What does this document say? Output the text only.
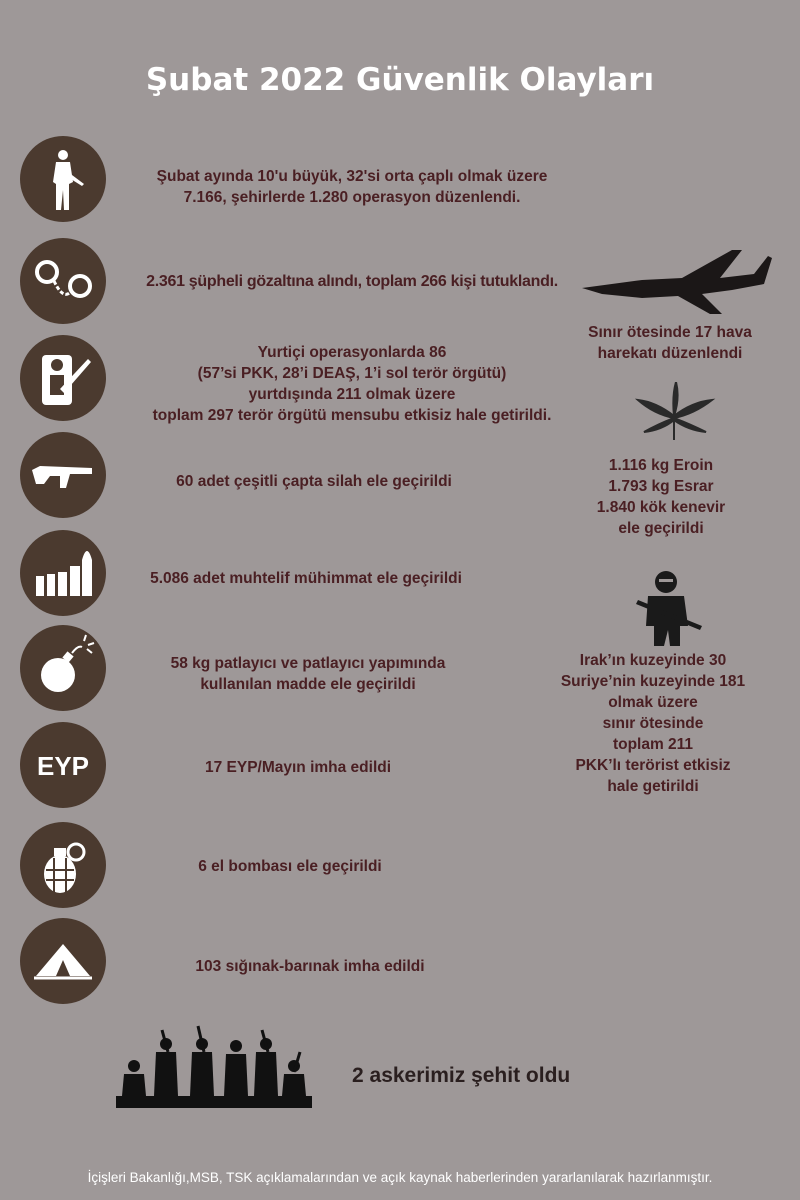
Şubat 2022 Güvenlik Olayları
Şubat ayında 10'u büyük, 32'si orta çaplı olmak üzere
7.166, şehirlerde 1.280 operasyon düzenlendi.
2.361 şüpheli gözaltına alındı, toplam 266 kişi tutuklandı.
Yurtiçi operasyonlarda 86
(57’si PKK, 28’i DEAŞ, 1’i sol terör örgütü)
yurtdışında 211 olmak üzere
toplam 297 terör örgütü mensubu etkisiz hale getirildi.
60 adet çeşitli çapta silah ele geçirildi
5.086 adet muhtelif mühimmat ele geçirildi
58 kg patlayıcı ve patlayıcı yapımında
kullanılan madde ele geçirildi
EYP	17 EYP/Mayın imha edildi
6 el bombası ele geçirildi
103 sığınak-barınak imha edildi
Sınır ötesinde 17 hava
harekatı düzenlendi
1.116 kg Eroin
1.793 kg Esrar
1.840 kök kenevir
ele geçirildi
Irak’ın kuzeyinde 30
Suriye’nin kuzeyinde 181
olmak üzere
sınır ötesinde
toplam 211
PKK’lı terörist etkisiz
hale getirildi
2 askerimiz şehit oldu
İçişleri Bakanlığı,MSB, TSK açıklamalarından ve açık kaynak haberlerinden yararlanılarak hazırlanmıştır.
